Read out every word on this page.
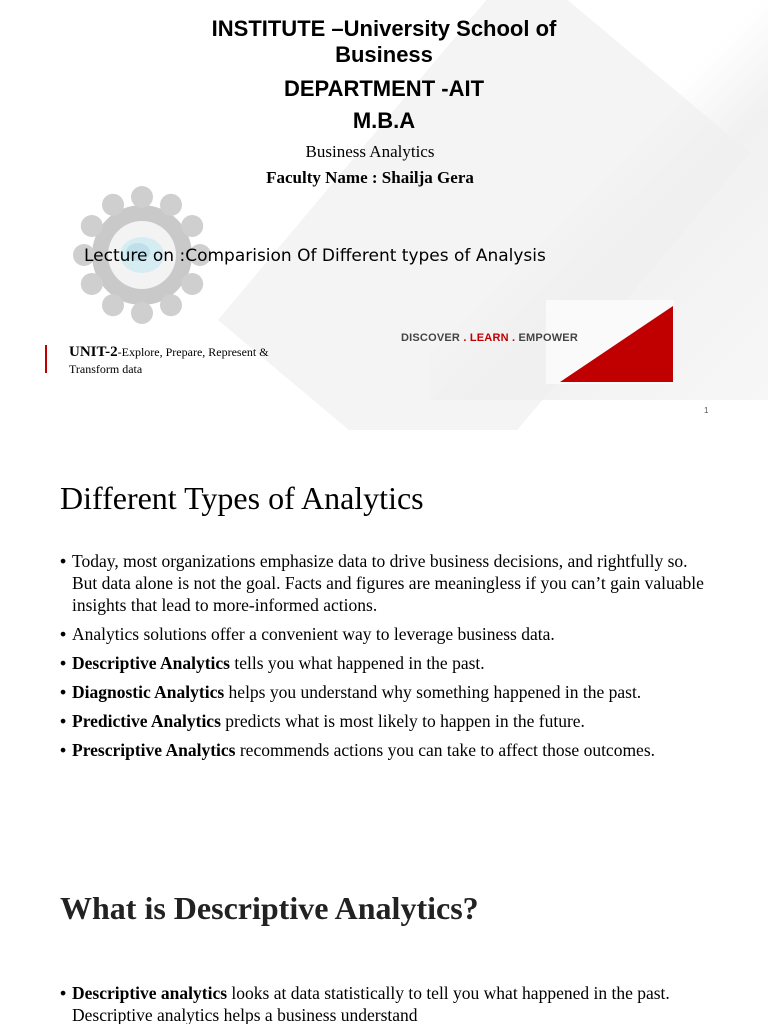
INSTITUTE –University School of Business
DEPARTMENT -AIT
M.B.A
Business Analytics
Faculty Name : Shailja Gera
Lecture on :Comparision Of Different types of Analysis
DISCOVER . LEARN . EMPOWER
UNIT-2-Explore, Prepare, Represent & Transform data
1
Different Types of Analytics
• Today, most organizations emphasize data to drive business decisions, and rightfully so. But data alone is not the goal. Facts and figures are meaningless if you can’t gain valuable insights that lead to more-informed actions.
• Analytics solutions offer a convenient way to leverage business data.
• Descriptive Analytics tells you what happened in the past.
• Diagnostic Analytics helps you understand why something happened in the past.
• Predictive Analytics predicts what is most likely to happen in the future.
• Prescriptive Analytics recommends actions you can take to affect those outcomes.
What is Descriptive Analytics?
• Descriptive analytics looks at data statistically to tell you what happened in the past. Descriptive analytics helps a business understand
